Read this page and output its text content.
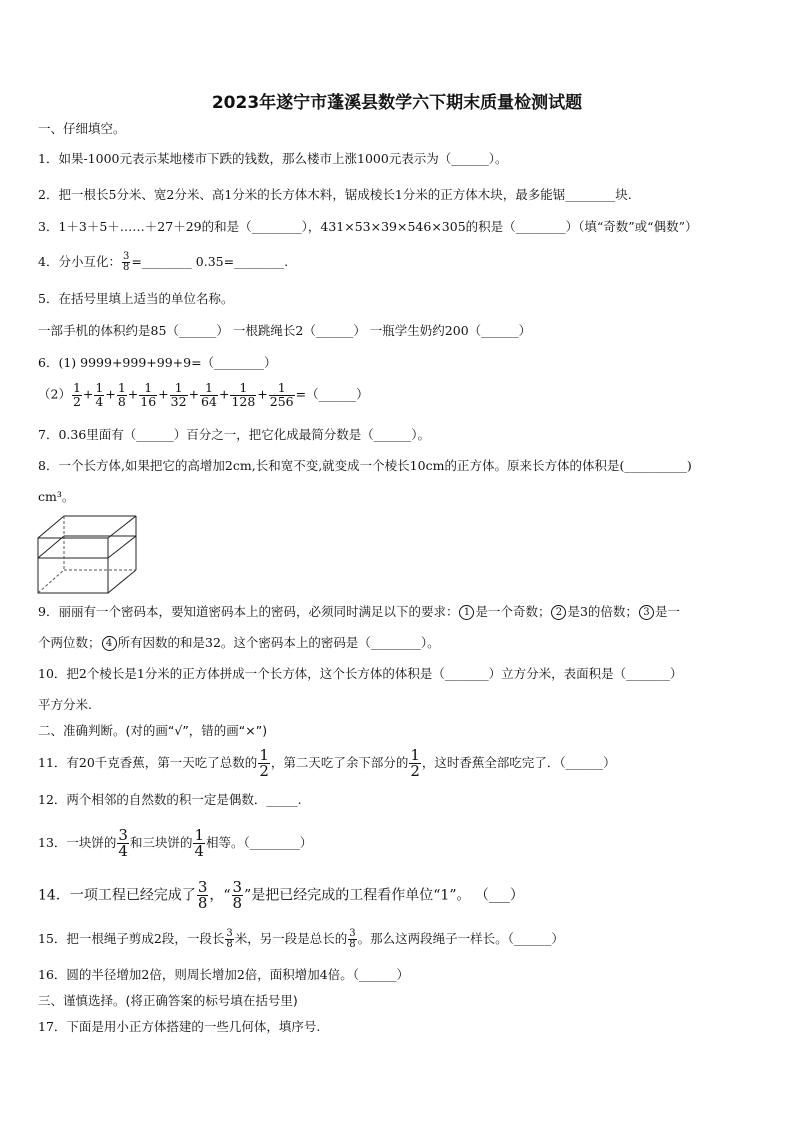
2023年遂宁市蓬溪县数学六下期末质量检测试题
一、仔细填空。
1．如果-1000元表示某地楼市下跌的钱数，那么楼市上涨1000元表示为（______）。
2．把一根长5分米、宽2分米、高1分米的长方体木料，锯成棱长1分米的正方体木块，最多能锯________块.
3．1＋3＋5＋……＋27＋29的和是（________），431×53×39×546×305的积是（________）（填“奇数”或“偶数”）
4．分小互化： $\frac{3}{8}$ =________ 0.35=________.
5．在括号里填上适当的单位名称。
一部手机的体积约是85（______） 一根跳绳长2（______） 一瓶学生奶约200（______）
6．(1) 9999+999+99+9=（________）
$(2) \frac{1}{2} + \frac{1}{4} + \frac{1}{8} + \frac{1}{16} + \frac{1}{32} + \frac{1}{64} + \frac{1}{128} + \frac{1}{256}$ =（______）
7．0.36里面有（______）百分之一，把它化成最简分数是（______）。
8．一个长方体,如果把它的高增加2cm,长和宽不变,就变成一个棱长10cm的正方体。原来长方体的体积是(__________)
cm³。
9．丽丽有一个密码本，要知道密码本上的密码，必须同时满足以下的要求： 1 是一个奇数； 2 是3的倍数； 3 是一
个两位数； 4 所有因数的和是32。这个密码本上的密码是（________）。
10．把2个棱长是1分米的正方体拼成一个长方体，这个长方体的体积是（_______）立方分米，表面积是（_______）
平方分米.
二、准确判断。(对的画“√”，错的画“×”)
11．有20千克香蕉，第一天吃了总数的 $\frac{1}{2}$ ，第二天吃了余下部分的 $\frac{1}{2}$ ，这时香蕉全部吃完了．（______）
12．两个相邻的自然数的积一定是偶数．_____.
13．一块饼的 $\frac{3}{4}$ 和三块饼的 $\frac{1}{4}$ 相等。（________）
14．一项工程已经完成了 $\frac{3}{8}$ ，“ $\frac{3}{8}$ ”是把已经完成的工程看作单位“1”。 （___）
15．把一根绳子剪成2段，一段长 $\frac{3}{8}$ 米，另一段是总长的 $\frac{3}{8}$ 。那么这两段绳子一样长。（______）
16．圆的半径增加2倍，则周长增加2倍，面积增加4倍。（______）
三、谨慎选择。(将正确答案的标号填在括号里)
17．下面是用小正方体搭建的一些几何体，填序号.
